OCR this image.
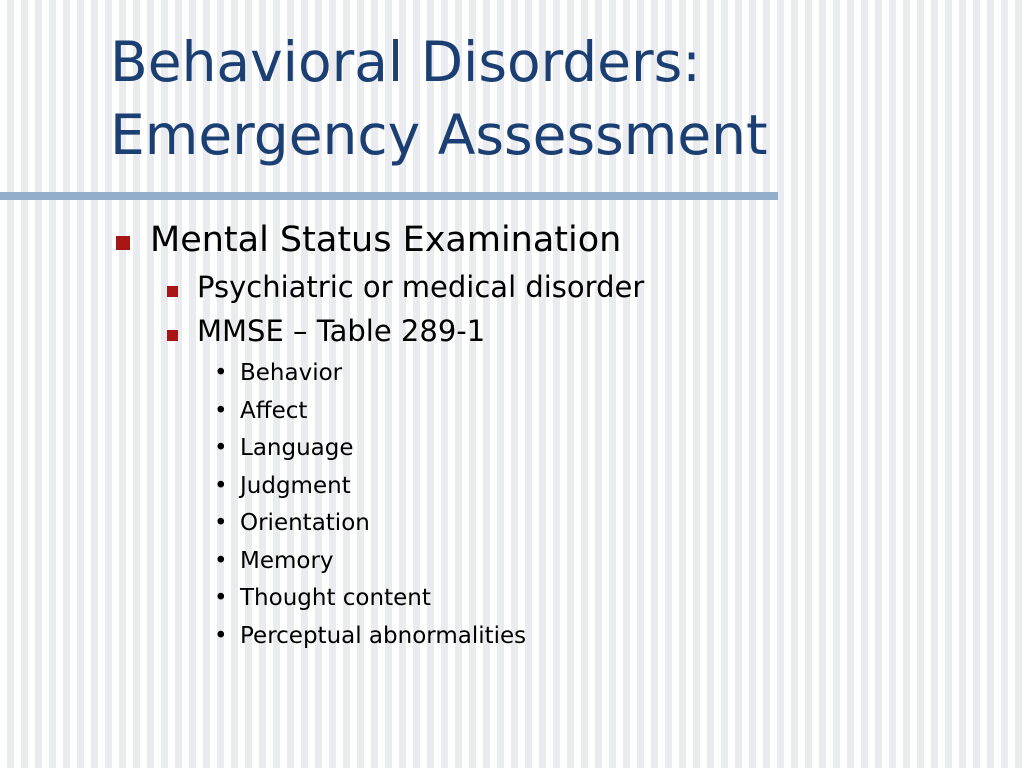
Behavioral Disorders:
Emergency Assessment
Mental Status Examination
Psychiatric or medical disorder
MMSE – Table 289-1
• Behavior
• Affect
• Language
• Judgment
• Orientation
• Memory
• Thought content
• Perceptual abnormalities
